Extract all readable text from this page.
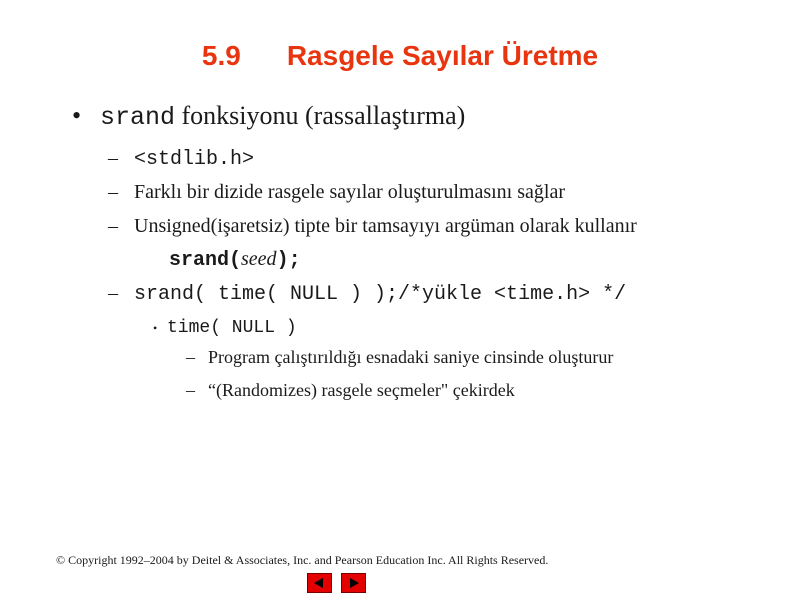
5.9 Rasgele Sayılar Üretme
• srand fonksiyonu (rassallaştırma)
– <stdlib.h>
– Farklı bir dizide rasgele sayılar oluşturulmasını sağlar
– Unsigned(işaretsiz) tipte bir tamsayıyı argüman olarak kullanır
srand(seed);
– srand( time( NULL ) );/*yükle <time.h> */
• time( NULL )
– Program çalıştırıldığı esnadaki saniye cinsinde oluşturur
– “(Randomizes) rasgele seçmeler" çekirdek
© Copyright 1992–2004 by Deitel & Associates, Inc. and Pearson Education Inc. All Rights Reserved.
